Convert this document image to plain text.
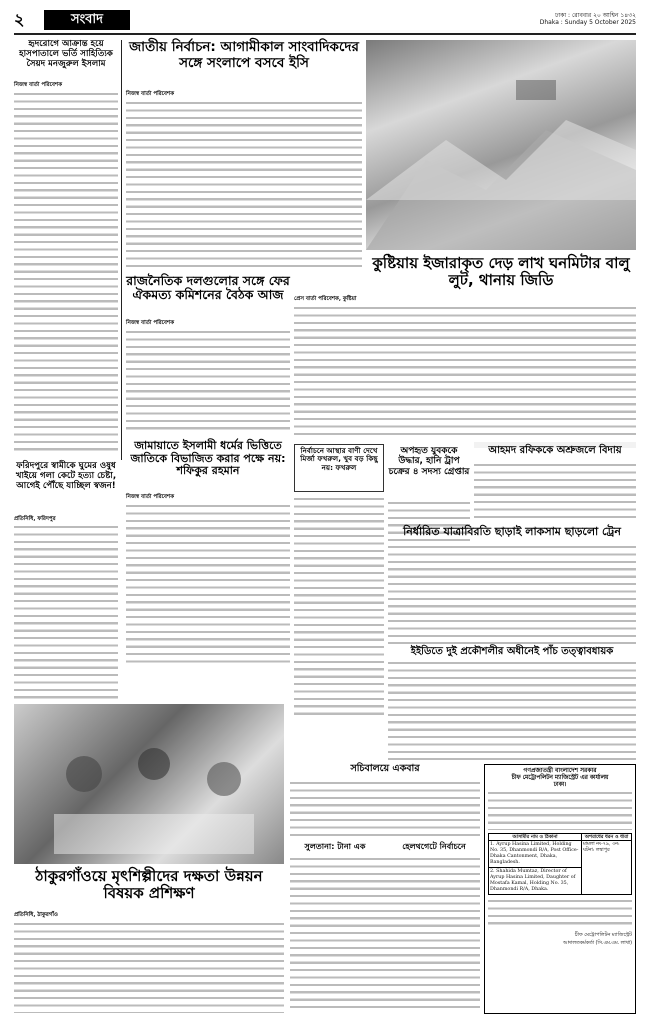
২	সংবাদ	ঢাকা : রোববার ২০ আশ্বিন ১৪৩২
Dhaka : Sunday 5 October 2025
হৃদরোগে আক্রান্ত হয়ে হাসপাতালে ভর্তি সাহিত্যিক সৈয়দ মনজুরুল ইসলাম
নিজস্ব বার্তা পরিবেশক
ফরিদপুরে স্বামীকে ঘুমের ওষুধ খাইয়ে গলা কেটে হত্যা চেষ্টা, আগেই পৌঁছে যাচ্ছিল স্বজন!
প্রতিনিধি, ফরিদপুর
জাতীয় নির্বাচন: আগামীকাল সাংবাদিকদের সঙ্গে সংলাপে বসবে ইসি
নিজস্ব বার্তা পরিবেশক
কুষ্টিয়ায় ইজারাকৃত দেড় লাখ ঘনমিটার বালু লুট, থানায় জিডি
প্রেস বার্তা পরিবেশক, কুষ্টিয়া
রাজনৈতিক দলগুলোর সঙ্গে ফের ঐকমত্য কমিশনের বৈঠক আজ
নিজস্ব বার্তা পরিবেশক
জামায়াতে ইসলামী ধর্মের ভিত্তিতে জাতিকে বিভাজিত করার পক্ষে নয়: শফিকুর রহমান
নিজস্ব বার্তা পরিবেশক
নির্বাচনে আস্থার বাণী দেখে মির্জা ফখরুল, খুব বড় কিছু নয়: ফখরুল
অপহৃত যুবককে উদ্ধার, হানি ট্রাপ চক্রের ৪ সদস্য গ্রেপ্তার
আহমদ রফিককে অশ্রুজলে বিদায়
নির্ধারিত যাত্রাবিরতি ছাড়াই লাকসাম ছাড়লো ট্রেন
ইইডিতে দুই প্রকৌশলীর অধীনেই পাঁচ তত্ত্বাবধায়ক
ঠাকুরগাঁওয়ে মৃৎশিল্পীদের দক্ষতা উন্নয়ন বিষয়ক প্রশিক্ষণ
প্রতিনিধি, ঠাকুরগাঁও
সচিবালয়ে একবার
সুলতানা: টানা এক	হেলথগেটে নির্বাচনে
গণপ্রজাতন্ত্রী বাংলাদেশ সরকার
চীফ মেট্রোপলিটন ম্যাজিস্ট্রেট এর কার্যালয়
ঢাকা।
আসামীর নাম ও ঠিকানা	অপরাধের ধরন ও ধারা
1. Ayrup Hasina Limited, Holding No. 35, Dhanmondi R/A, Post Office-Dhaka Cantonment, Dhaka, Bangladesh.	মামলা নং-৭৯, ৩ন: ঘটনা: লম্বাপুর
2. Shahida Mumtaz, Director of Ayrup Hasina Limited, Daughter of Mostafa Kamal, Holding No. 35, Dhanmondi R/A, Dhaka.	
চীফ মেট্রোপলিটন ম্যাজিস্ট্রেট
আদালতকৰ্মকৰ্তা (সি.এম.এম. লাথা)
